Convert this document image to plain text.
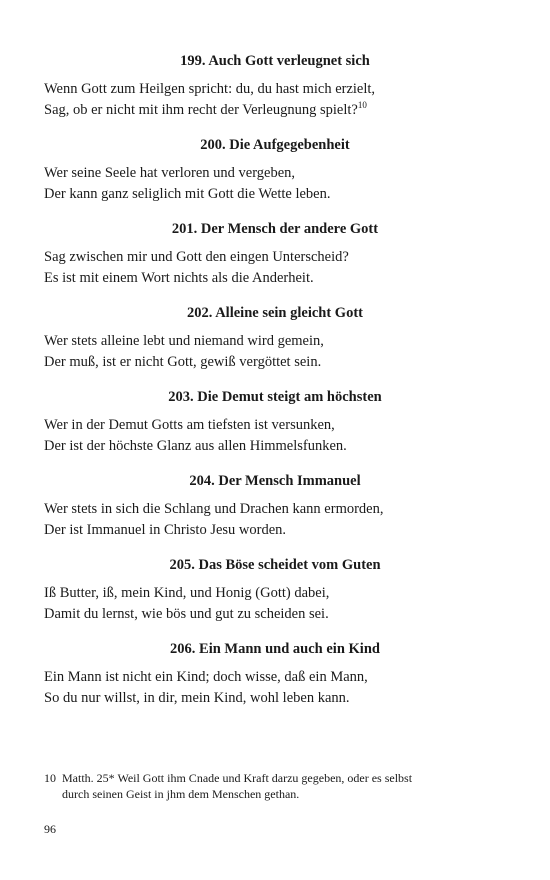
199. Auch Gott verleugnet sich
Wenn Gott zum Heilgen spricht: du, du hast mich erzielt,
Sag, ob er nicht mit ihm recht der Verleugnung spielt?$^{10}$
200. Die Aufgegebenheit
Wer seine Seele hat verloren und vergeben,
Der kann ganz seliglich mit Gott die Wette leben.
201. Der Mensch der andere Gott
Sag zwischen mir und Gott den eingen Unterscheid?
Es ist mit einem Wort nichts als die Anderheit.
202. Alleine sein gleicht Gott
Wer stets alleine lebt und niemand wird gemein,
Der muß, ist er nicht Gott, gewiß vergöttet sein.
203. Die Demut steigt am höchsten
Wer in der Demut Gotts am tiefsten ist versunken,
Der ist der höchste Glanz aus allen Himmelsfunken.
204. Der Mensch Immanuel
Wer stets in sich die Schlang und Drachen kann ermorden,
Der ist Immanuel in Christo Jesu worden.
205. Das Böse scheidet vom Guten
Iß Butter, iß, mein Kind, und Honig (Gott) dabei,
Damit du lernst, wie bös und gut zu scheiden sei.
206. Ein Mann und auch ein Kind
Ein Mann ist nicht ein Kind; doch wisse, daß ein Mann,
So du nur willst, in dir, mein Kind, wohl leben kann.
10 Matth. 25* Weil Gott ihm Cnade und Kraft darzu gegeben, oder es selbst
durch seinen Geist in jhm dem Menschen gethan.
96
